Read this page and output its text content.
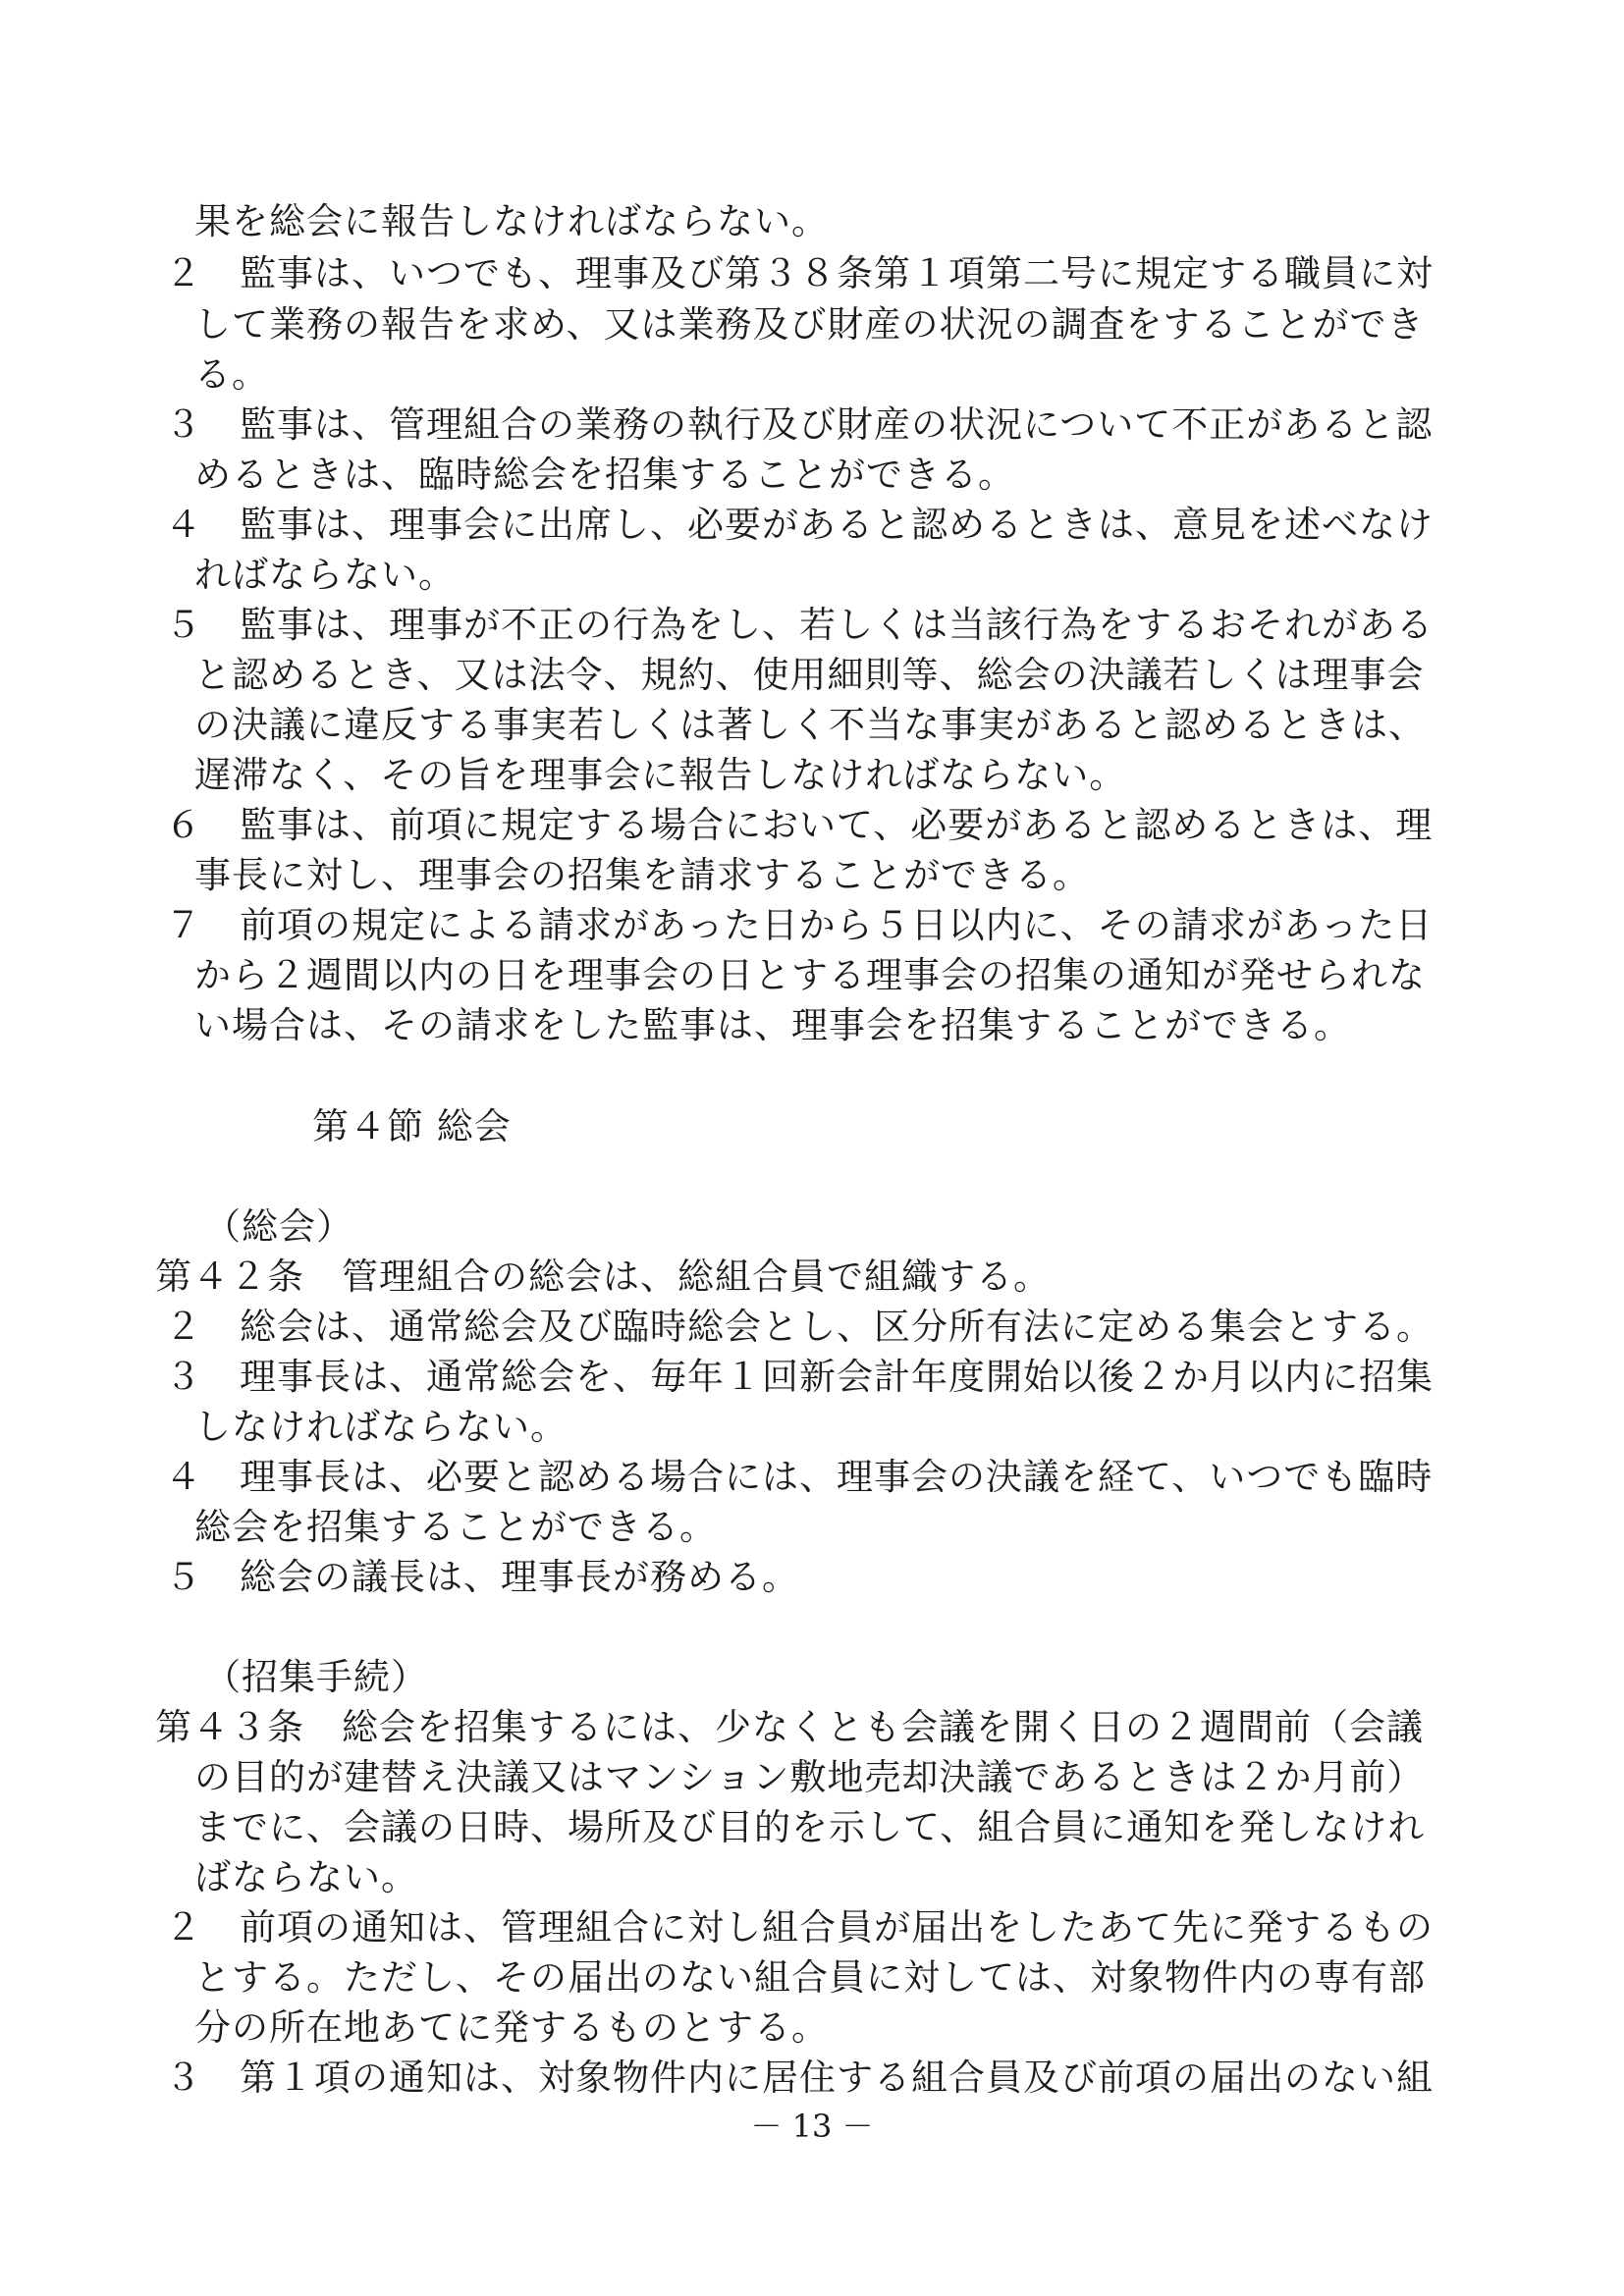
果を総会に報告しなければならない。
２　監事は、いつでも、理事及び第３８条第１項第二号に規定する職員に対
して業務の報告を求め、又は業務及び財産の状況の調査をすることができ
る。
３　監事は、管理組合の業務の執行及び財産の状況について不正があると認
めるときは、臨時総会を招集することができる。
４　監事は、理事会に出席し、必要があると認めるときは、意見を述べなけ
ればならない。
５　監事は、理事が不正の行為をし、若しくは当該行為をするおそれがある
と認めるとき、又は法令、規約、使用細則等、総会の決議若しくは理事会
の決議に違反する事実若しくは著しく不当な事実があると認めるときは、
遅滞なく、その旨を理事会に報告しなければならない。
６　監事は、前項に規定する場合において、必要があると認めるときは、理
事長に対し、理事会の招集を請求することができる。
７　前項の規定による請求があった日から５日以内に、その請求があった日
から２週間以内の日を理事会の日とする理事会の招集の通知が発せられな
い場合は、その請求をした監事は、理事会を招集することができる。
第４節 総会
（総会）
第４２条　管理組合の総会は、総組合員で組織する。
２　総会は、通常総会及び臨時総会とし、区分所有法に定める集会とする。
３　理事長は、通常総会を、毎年１回新会計年度開始以後２か月以内に招集
しなければならない。
４　理事長は、必要と認める場合には、理事会の決議を経て、いつでも臨時
総会を招集することができる。
５　総会の議長は、理事長が務める。
（招集手続）
第４３条　総会を招集するには、少なくとも会議を開く日の２週間前（会議
の目的が建替え決議又はマンション敷地売却決議であるときは２か月前）
までに、会議の日時、場所及び目的を示して、組合員に通知を発しなけれ
ばならない。
２　前項の通知は、管理組合に対し組合員が届出をしたあて先に発するもの
とする。ただし、その届出のない組合員に対しては、対象物件内の専有部
分の所在地あてに発するものとする。
３　第１項の通知は、対象物件内に居住する組合員及び前項の届出のない組
－ 13 －
